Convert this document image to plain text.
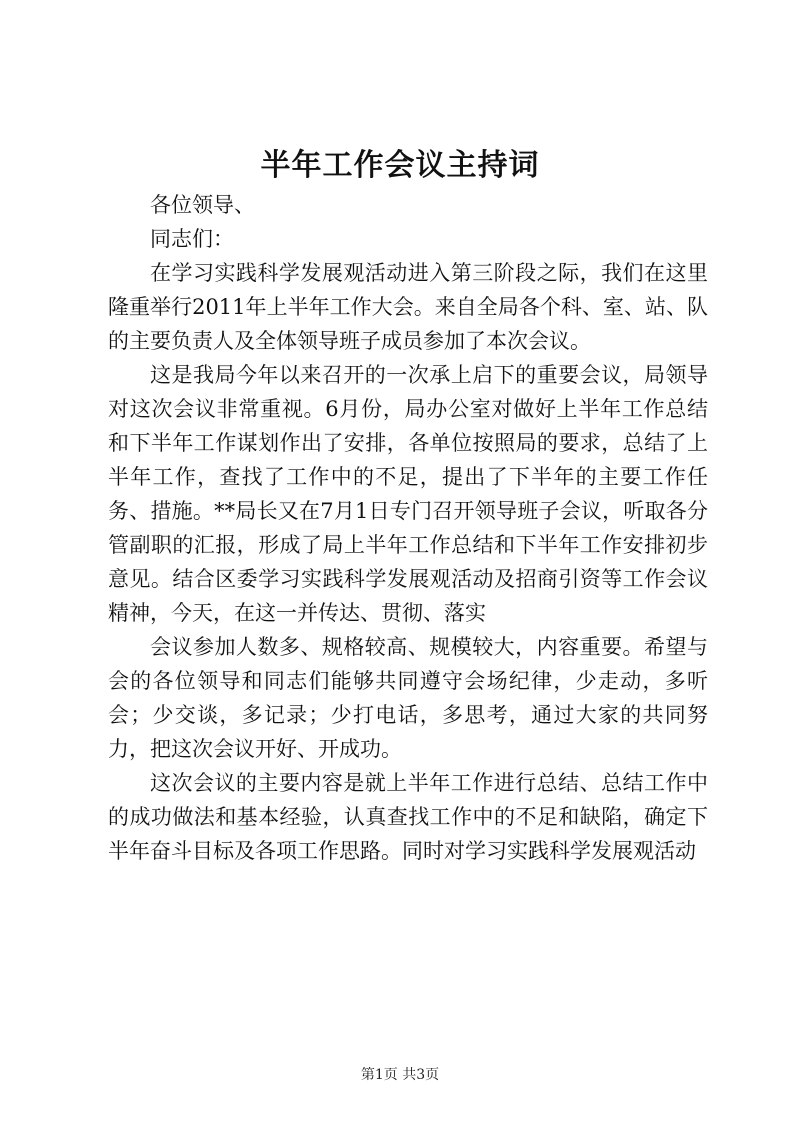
半年工作会议主持词

各位领导、

同志们：

在学习实践科学发展观活动进入第三阶段之际，我们在这里隆重举行2011年上半年工作大会。来自全局各个科、室、站、队的主要负责人及全体领导班子成员参加了本次会议。

这是我局今年以来召开的一次承上启下的重要会议，局领导对这次会议非常重视。6月份，局办公室对做好上半年工作总结和下半年工作谋划作出了安排，各单位按照局的要求，总结了上半年工作，查找了工作中的不足，提出了下半年的主要工作任务、措施。**局长又在7月1日专门召开领导班子会议，听取各分管副职的汇报，形成了局上半年工作总结和下半年工作安排初步意见。结合区委学习实践科学发展观活动及招商引资等工作会议精神，今天，在这一并传达、贯彻、落实

会议参加人数多、规格较高、规模较大，内容重要。希望与会的各位领导和同志们能够共同遵守会场纪律，少走动，多听会；少交谈，多记录；少打电话，多思考，通过大家的共同努力，把这次会议开好、开成功。

这次会议的主要内容是就上半年工作进行总结、总结工作中的成功做法和基本经验，认真查找工作中的不足和缺陷，确定下半年奋斗目标及各项工作思路。同时对学习实践科学发展观活动

第1页 共3页
